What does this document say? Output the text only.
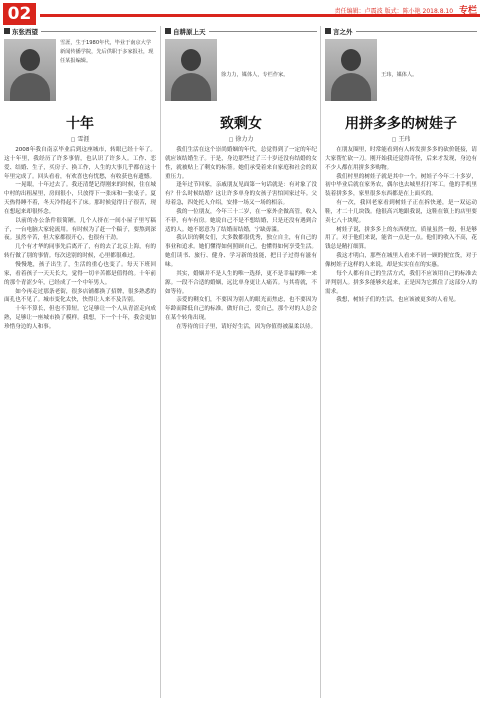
02	责任编辑：卢震波 版式：陈小艳 2018.8.10 专栏
东张西望
雪涯，生于1980年代，毕业于南京大学新闻传播学院，先后供职于多家报社，现任某报编辑。
十年
□ 雪涯

2008年我自南京毕业后到这座城市，转眼已经十年了。这十年里，我经历了许多事情，也认识了许多人。工作、恋爱、结婚、生子，买房子、换工作，人生的大事几乎都在这十年里完成了。回头看看，有欢喜也有忧愁，有收获也有遗憾。

一晃眼，十年过去了。我还清楚记得刚来的时候，住在城中村的出租屋里，房间很小，只放得下一张床和一张桌子。夏天热得睡不着，冬天冷得起不了床。那时候觉得日子很苦，现在想起来却很怀念。

以前的办公条件很简陋，几个人挤在一间小屋子里写稿子，一台电脑大家轮流用。有时候为了赶一个稿子，要熬到深夜。虽然辛苦，但大家都很开心，也很有干劲。

几个有才华的同事先后离开了，有的去了北京上海，有的转行做了别的事情。每次送别的时候，心里都很难过。

慢慢地，孩子出生了，生活的重心也变了。每天下班回家，看着孩子一天天长大，觉得一切辛苦都是值得的。十年前的那个青涩少年，已经成了一个中年男人。

如今再走过那条老街，很多店铺都换了招牌，很多熟悉的面孔也不见了。城市变化太快，快得让人来不及告别。

十年不算长，但也不算短。它足够让一个人从青涩走向成熟，足够让一座城市换了模样。我想，下一个十年，我会更加珍惜身边的人和事。

自耕原上天
徐力力，媒体人，专栏作家。
致剩女
□ 徐力力

我们生活在这个崇尚婚姻的年代，总觉得到了一定的年纪就应该结婚生子。于是，身边那些过了三十岁还没有结婚的女性，就被贴上了剩女的标签。她们承受着来自家庭和社会的双重压力。

逢年过节回家，亲戚朋友见面第一句话就是：有对象了没有？什么时候结婚？这让许多单身的女孩子害怕回家过年。父母着急，四处托人介绍，安排一场又一场的相亲。

我的一位朋友，今年三十二岁，在一家外企做高管，收入不菲，有车有房。她说自己不是不想结婚，只是还没有遇到合适的人。她不愿意为了结婚而结婚，宁缺毋滥。

我认识的剩女们，大多数都很优秀，独立自主，有自己的事业和追求。她们懂得如何照顾自己，也懂得如何享受生活。她们读书、旅行、健身、学习新的技能，把日子过得有滋有味。

其实，婚姻并不是人生的唯一选择，更不是幸福的唯一来源。一段不合适的婚姻，远比单身更让人痛苦。与其将就，不如等待。

亲爱的剩女们，不要因为别人的眼光而焦虑，也不要因为年龄而降低自己的标准。做好自己，爱自己，那个对的人总会在某个转角出现。

在等待的日子里，请好好生活，因为你值得被温柔以待。

言之外
王玮，媒体人。
用拼多多的树娃子
□ 王玮

在朋友圈里，时常能看到有人转发拼多多的砍价链接，请大家帮忙砍一刀。刚开始我还觉得奇怪，后来才发现，身边有不少人都在用拼多多购物。

我们村里的树娃子就是其中一个。树娃子今年二十多岁，初中毕业后就在家务农，偶尔也去城里打打零工。他的手机里装着拼多多，家里很多东西都是在上面买的。

有一次，我回老家看到树娃子正在拆快递，是一双运动鞋，才二十几块钱。他很高兴地跟我说，这鞋在镇上的店里要卖七八十块呢。

树娃子说，拼多多上的东西便宜，质量虽然一般，但是够用了。对于他们来说，能省一点是一点。他们的收入不高，花钱总是精打细算。

我这才明白，那些在城里人看来不屑一顾的便宜货，对于像树娃子这样的人来说，却是实实在在的实惠。

每个人都有自己的生活方式，我们不应该用自己的标准去评判别人。拼多多能够火起来，正是因为它抓住了这部分人的需求。

我想，树娃子们的生活，也应该被更多的人看见。
